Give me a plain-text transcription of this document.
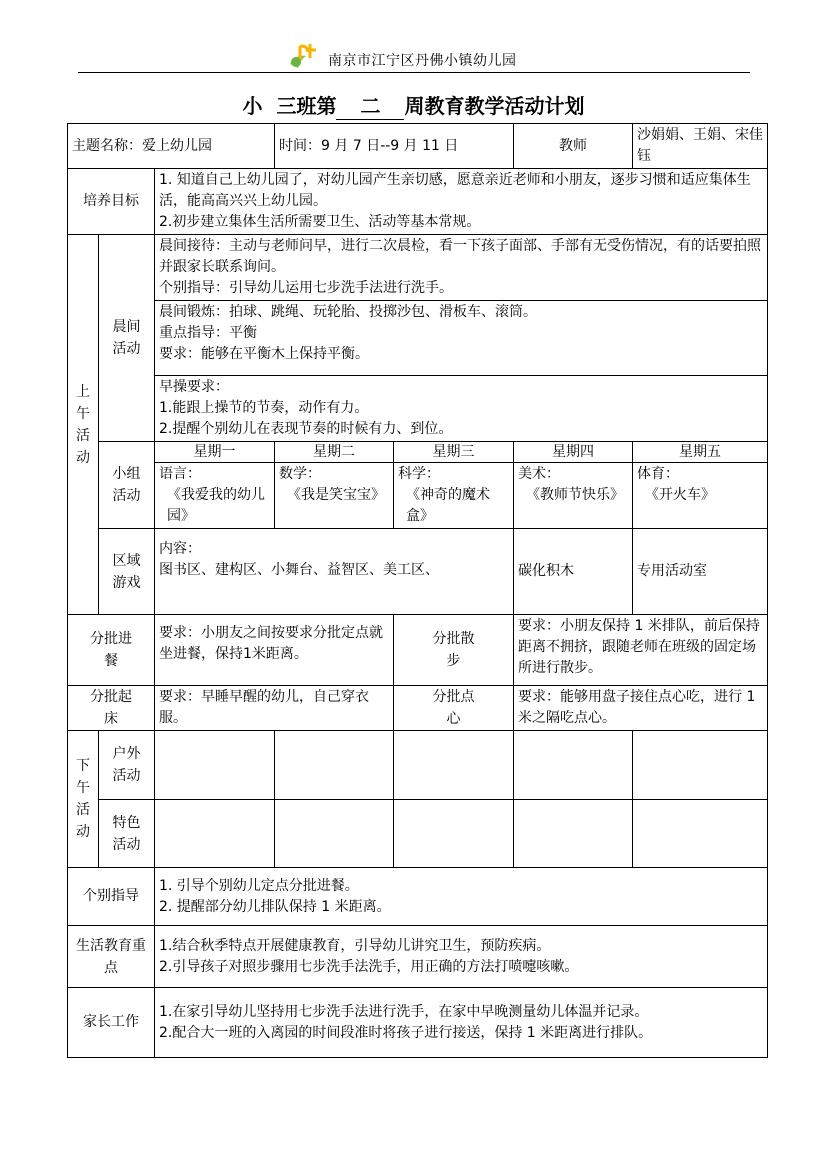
南京市江宁区丹佛小镇幼儿园
小  三班第 二 周教育教学活动计划
主题名称：爱上幼儿园			时间：9 月 7 日--9 月 11 日		教师	沙娟娟、王娟、宋佳钰
培养目标		1. 知道自己上幼儿园了，对幼儿园产生亲切感，愿意亲近老师和小朋友，逐步习惯和适应集体生活，能高高兴兴上幼儿园。
2.初步建立集体生活所需要卫生、活动等基本常规。				

上午活动	晨间活动	晨间接待：主动与老师问早，进行二次晨检，看一下孩子面部、手部有无受伤情况，有的话要拍照并跟家长联系询问。
个别指导：引导幼儿运用七步洗手法进行洗手。				

		晨间锻炼：拍球、跳绳、玩轮胎、投掷沙包、滑板车、滚筒。
重点指导：平衡
要求：能够在平衡木上保持平衡。				

		早操要求：
1.能跟上操节的节奏，动作有力。
2.提醒个别幼儿在表现节奏的时候有力、到位。				

	小组活动	星期一	星期二	星期三	星期四	星期五

		语言：
《我爱我的幼儿园》	数学：
《我是笑宝宝》	科学：
《神奇的魔术盒》	美术：
《教师节快乐》	体育：
《开火车》

	区域游戏	内容：
图书区、建构区、小舞台、益智区、美工区、			碳化积木	专用活动室
分批进餐		要求：小朋友之间按要求分批定点就坐进餐，保持1米距离。		分批散步	要求：小朋友保持 1 米排队，前后保持距离不拥挤，跟随老师在班级的固定场所进行散步。	
分批起床		要求：早睡早醒的幼儿，自己穿衣服。		分批点心	要求：能够用盘子接住点心吃，进行 1 米之隔吃点心。	
下午活动	户外活动					
	特色活动					
个别指导		1. 引导个别幼儿定点分批进餐。
2. 提醒部分幼儿排队保持 1 米距离。				

生活教育重 点		1.结合秋季特点开展健康教育，引导幼儿讲究卫生，预防疾病。
2.引导孩子对照步骤用七步洗手法洗手，用正确的方法打喷嚏咳嗽。				

家长工作		1.在家引导幼儿坚持用七步洗手法进行洗手，在家中早晚测量幼儿体温并记录。
2.配合大一班的入离园的时间段准时将孩子进行接送，保持 1 米距离进行排队。				
